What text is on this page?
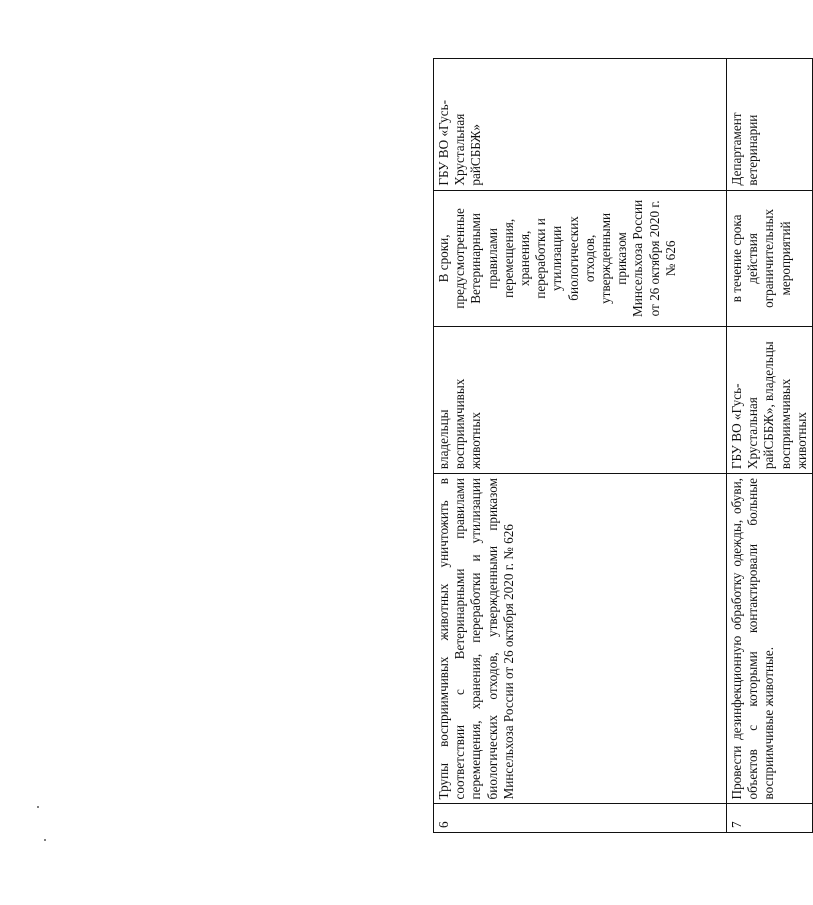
6	Трупы восприимчивых животных уничтожить в соответствии с Ветеринарными правилами перемещения, хранения, переработки и утилизации биологических отходов, утвержденными приказом Минсельхоза России от 26 октября 2020 г. № 626	владельцы восприимчивых животных	В сроки, предусмотренные Ветеринарными правилами перемещения, хранения, переработки и утилизации биологических отходов, утвержденными приказом Минсельхоза России от 26 октября 2020 г. № 626	ГБУ ВО «Гусь-Хрустальная райСББЖ»
7	Провести дезинфекционную обработку одежды, обуви, объектов с которыми контактировали больные восприимчивые животные.	ГБУ ВО «Гусь-Хрустальная райСББЖ», владельцы восприимчивых животных	в течение срока действия ограничительных мероприятий	Департамент ветеринарии
